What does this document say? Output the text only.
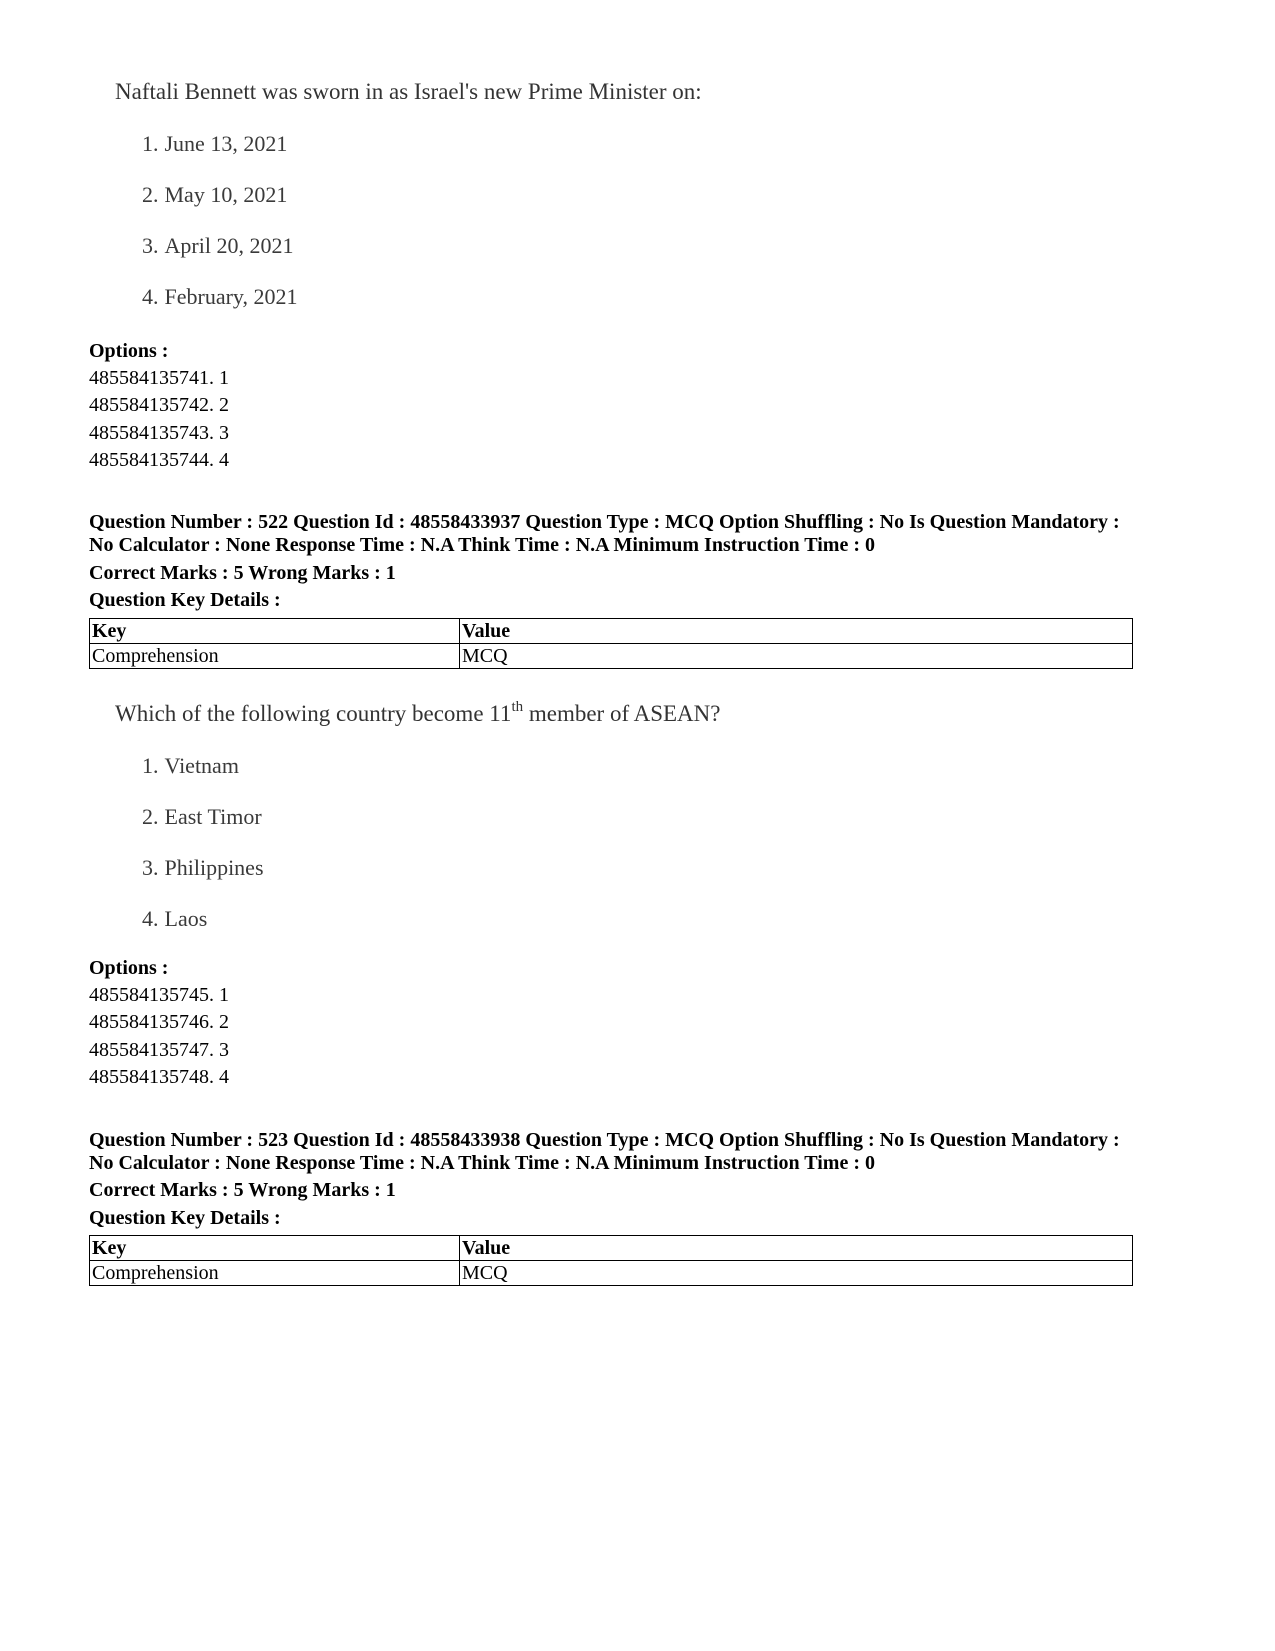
Naftali Bennett was sworn in as Israel's new Prime Minister on:
1. June 13, 2021
2. May 10, 2021
3. April 20, 2021
4. February, 2021
Options :
485584135741. 1
485584135742. 2
485584135743. 3
485584135744. 4
Question Number : 522 Question Id : 48558433937 Question Type : MCQ Option Shuffling : No Is Question Mandatory :
No Calculator : None Response Time : N.A Think Time : N.A Minimum Instruction Time : 0
Correct Marks : 5 Wrong Marks : 1
Question Key Details :
Key	Value
Comprehension	MCQ
Which of the following country become 11th member of ASEAN?
1. Vietnam
2. East Timor
3. Philippines
4. Laos
Options :
485584135745. 1
485584135746. 2
485584135747. 3
485584135748. 4
Question Number : 523 Question Id : 48558433938 Question Type : MCQ Option Shuffling : No Is Question Mandatory :
No Calculator : None Response Time : N.A Think Time : N.A Minimum Instruction Time : 0
Correct Marks : 5 Wrong Marks : 1
Question Key Details :
Key	Value
Comprehension	MCQ
